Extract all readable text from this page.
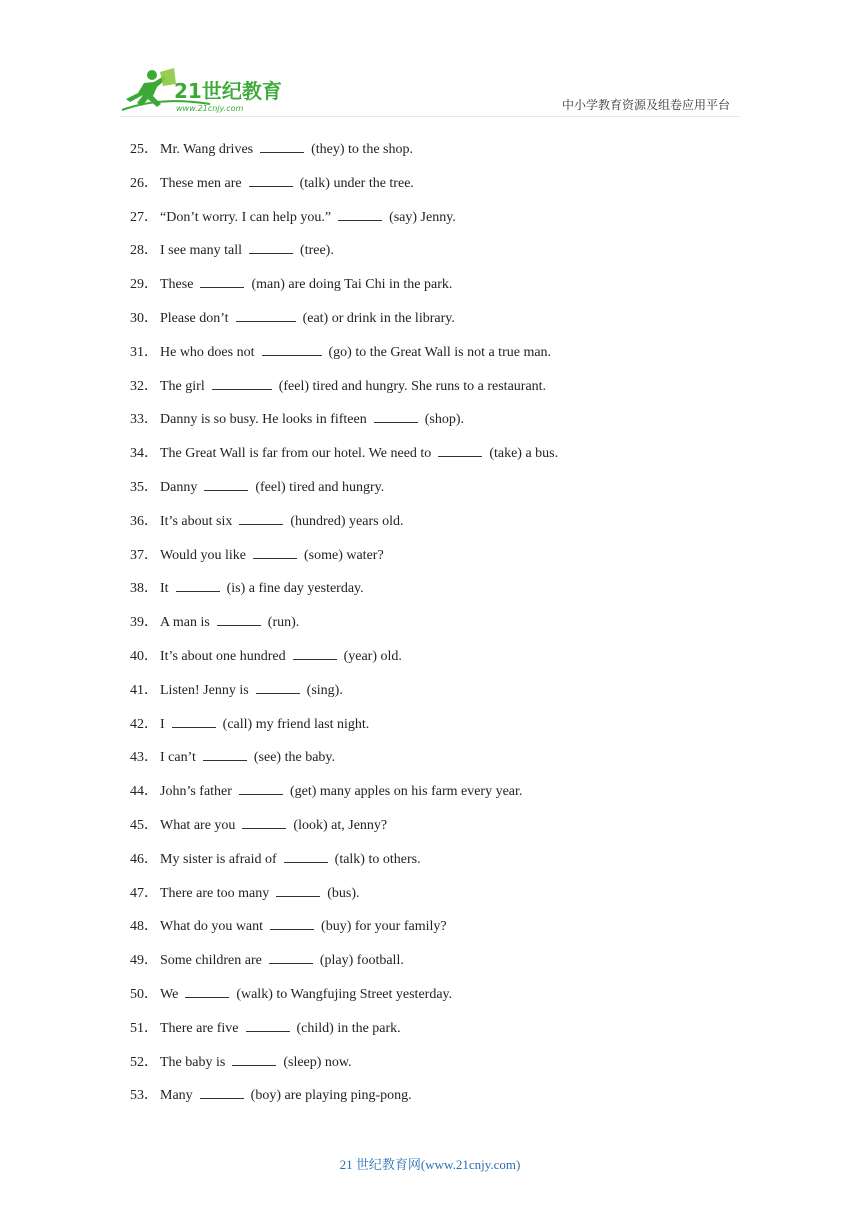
21世纪教育
www.21cnjy.com	中小学教育资源及组卷应用平台
25． Mr. Wang drives	(they) to the shop.
26． These men are	(talk) under the tree.
27． “Don’t worry. I can help you.”	(say) Jenny.
28． I see many tall	(tree).
29． These	(man) are doing Tai Chi in the park.
30． Please don’t	(eat) or drink in the library.
31． He who does not	(go) to the Great Wall is not a true man.
32． The girl	(feel) tired and hungry. She runs to a restaurant.
33． Danny is so busy. He looks in fifteen	(shop).
34． The Great Wall is far from our hotel. We need to	(take) a bus.
35． Danny	(feel) tired and hungry.
36． It’s about six	(hundred) years old.
37． Would you like	(some) water?
38． It	(is) a fine day yesterday.
39． A man is	(run).
40． It’s about one hundred	(year) old.
41． Listen! Jenny is	(sing).
42． I	(call) my friend last night.
43． I can’t	(see) the baby.
44． John’s father	(get) many apples on his farm every year.
45． What are you	(look) at, Jenny?
46． My sister is afraid of	(talk) to others.
47． There are too many	(bus).
48． What do you want	(buy) for your family?
49． Some children are	(play) football.
50． We	(walk) to Wangfujing Street yesterday.
51． There are five	(child) in the park.
52． The baby is	(sleep) now.
53． Many	(boy) are playing ping-pong.
21 世纪教育网(www.21cnjy.com)
